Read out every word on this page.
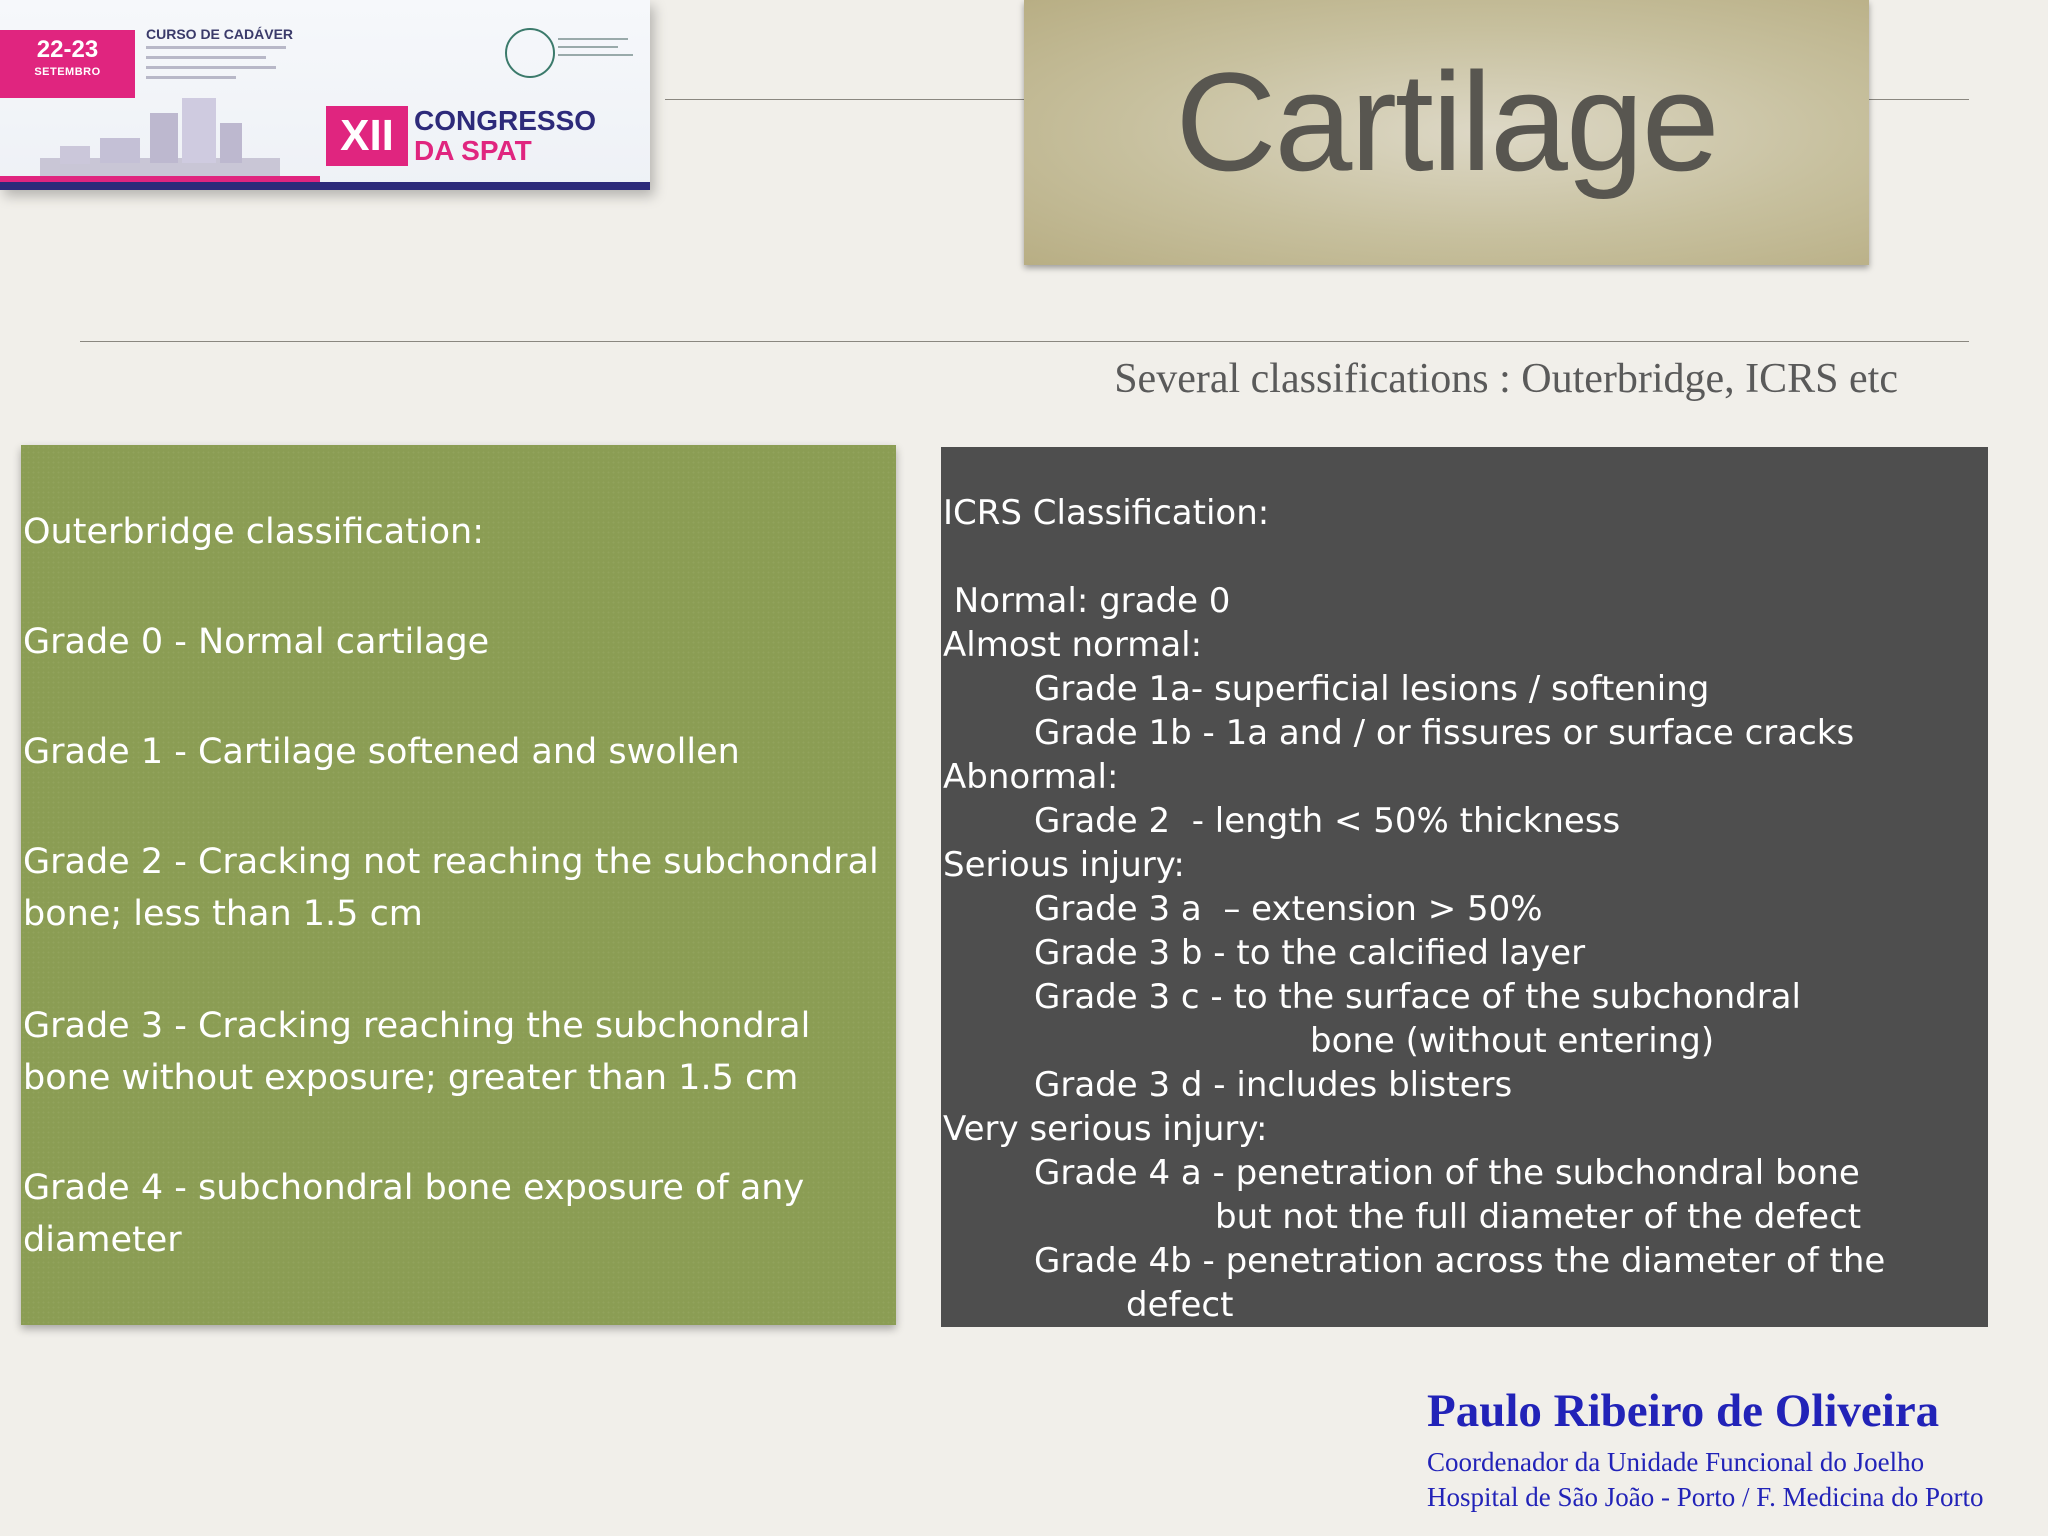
22-23
SETEMBRO
CURSO DE CADÁVER
XII CONGRESSO
DA SPAT	Cartilage
Several classifications : Outerbridge, ICRS etc
Outerbridge classification:
Grade 0 - Normal cartilage
Grade 1 - Cartilage softened and swollen
Grade 2 - Cracking not reaching the subchondral bone; less than 1.5 cm
Grade 3 - Cracking reaching the subchondral bone without exposure; greater than 1.5 cm
Grade 4 - subchondral bone exposure of any diameter
ICRS Classification:
Normal: grade 0
Almost normal:
Grade 1a- superficial lesions / softening
Grade 1b - 1a and / or fissures or surface cracks
Abnormal:
Grade 2  - length < 50% thickness
Serious injury:
Grade 3 a  – extension > 50%
Grade 3 b - to the calcified layer
Grade 3 c - to the surface of the subchondral
bone (without entering)
Grade 3 d - includes blisters
Very serious injury:
Grade 4 a - penetration of the subchondral bone
but not the full diameter of the defect
Grade 4b - penetration across the diameter of the
defect
Paulo Ribeiro de Oliveira
Coordenador da Unidade Funcional do Joelho
Hospital de São João - Porto / F. Medicina do Porto
